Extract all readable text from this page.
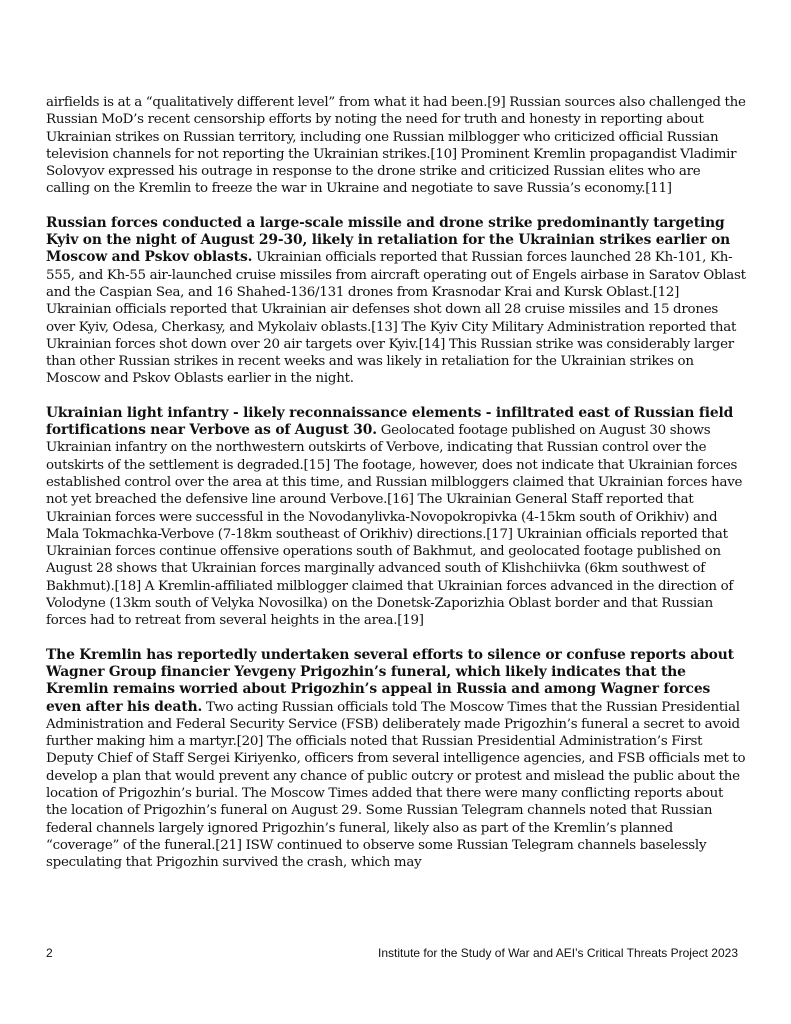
airfields is at a “qualitatively different level” from what it had been.[9] Russian sources also challenged the Russian MoD’s recent censorship efforts by noting the need for truth and honesty in reporting about Ukrainian strikes on Russian territory, including one Russian milblogger who criticized official Russian television channels for not reporting the Ukrainian strikes.[10] Prominent Kremlin propagandist Vladimir Solovyov expressed his outrage in response to the drone strike and criticized Russian elites who are calling on the Kremlin to freeze the war in Ukraine and negotiate to save Russia’s economy.[11]

Russian forces conducted a large-scale missile and drone strike predominantly targeting Kyiv on the night of August 29-30, likely in retaliation for the Ukrainian strikes earlier on Moscow and Pskov oblasts. Ukrainian officials reported that Russian forces launched 28 Kh-101, Kh-555, and Kh-55 air-launched cruise missiles from aircraft operating out of Engels airbase in Saratov Oblast and the Caspian Sea, and 16 Shahed-136/131 drones from Krasnodar Krai and Kursk Oblast.[12] Ukrainian officials reported that Ukrainian air defenses shot down all 28 cruise missiles and 15 drones over Kyiv, Odesa, Cherkasy, and Mykolaiv oblasts.[13] The Kyiv City Military Administration reported that Ukrainian forces shot down over 20 air targets over Kyiv.[14] This Russian strike was considerably larger than other Russian strikes in recent weeks and was likely in retaliation for the Ukrainian strikes on Moscow and Pskov Oblasts earlier in the night.

Ukrainian light infantry - likely reconnaissance elements - infiltrated east of Russian field fortifications near Verbove as of August 30. Geolocated footage published on August 30 shows Ukrainian infantry on the northwestern outskirts of Verbove, indicating that Russian control over the outskirts of the settlement is degraded.[15] The footage, however, does not indicate that Ukrainian forces established control over the area at this time, and Russian milbloggers claimed that Ukrainian forces have not yet breached the defensive line around Verbove.[16] The Ukrainian General Staff reported that Ukrainian forces were successful in the Novodanylivka-Novopokropivka (4-15km south of Orikhiv) and Mala Tokmachka-Verbove (7-18km southeast of Orikhiv) directions.[17] Ukrainian officials reported that Ukrainian forces continue offensive operations south of Bakhmut, and geolocated footage published on August 28 shows that Ukrainian forces marginally advanced south of Klishchiivka (6km southwest of Bakhmut).[18] A Kremlin-affiliated milblogger claimed that Ukrainian forces advanced in the direction of Volodyne (13km south of Velyka Novosilka) on the Donetsk-Zaporizhia Oblast border and that Russian forces had to retreat from several heights in the area.[19]

The Kremlin has reportedly undertaken several efforts to silence or confuse reports about Wagner Group financier Yevgeny Prigozhin’s funeral, which likely indicates that the Kremlin remains worried about Prigozhin’s appeal in Russia and among Wagner forces even after his death. Two acting Russian officials told The Moscow Times that the Russian Presidential Administration and Federal Security Service (FSB) deliberately made Prigozhin’s funeral a secret to avoid further making him a martyr.[20] The officials noted that Russian Presidential Administration’s First Deputy Chief of Staff Sergei Kiriyenko, officers from several intelligence agencies, and FSB officials met to develop a plan that would prevent any chance of public outcry or protest and mislead the public about the location of Prigozhin’s burial. The Moscow Times added that there were many conflicting reports about the location of Prigozhin’s funeral on August 29. Some Russian Telegram channels noted that Russian federal channels largely ignored Prigozhin’s funeral, likely also as part of the Kremlin’s planned “coverage” of the funeral.[21] ISW continued to observe some Russian Telegram channels baselessly speculating that Prigozhin survived the crash, which may

2	Institute for the Study of War and AEI’s Critical Threats Project 2023
